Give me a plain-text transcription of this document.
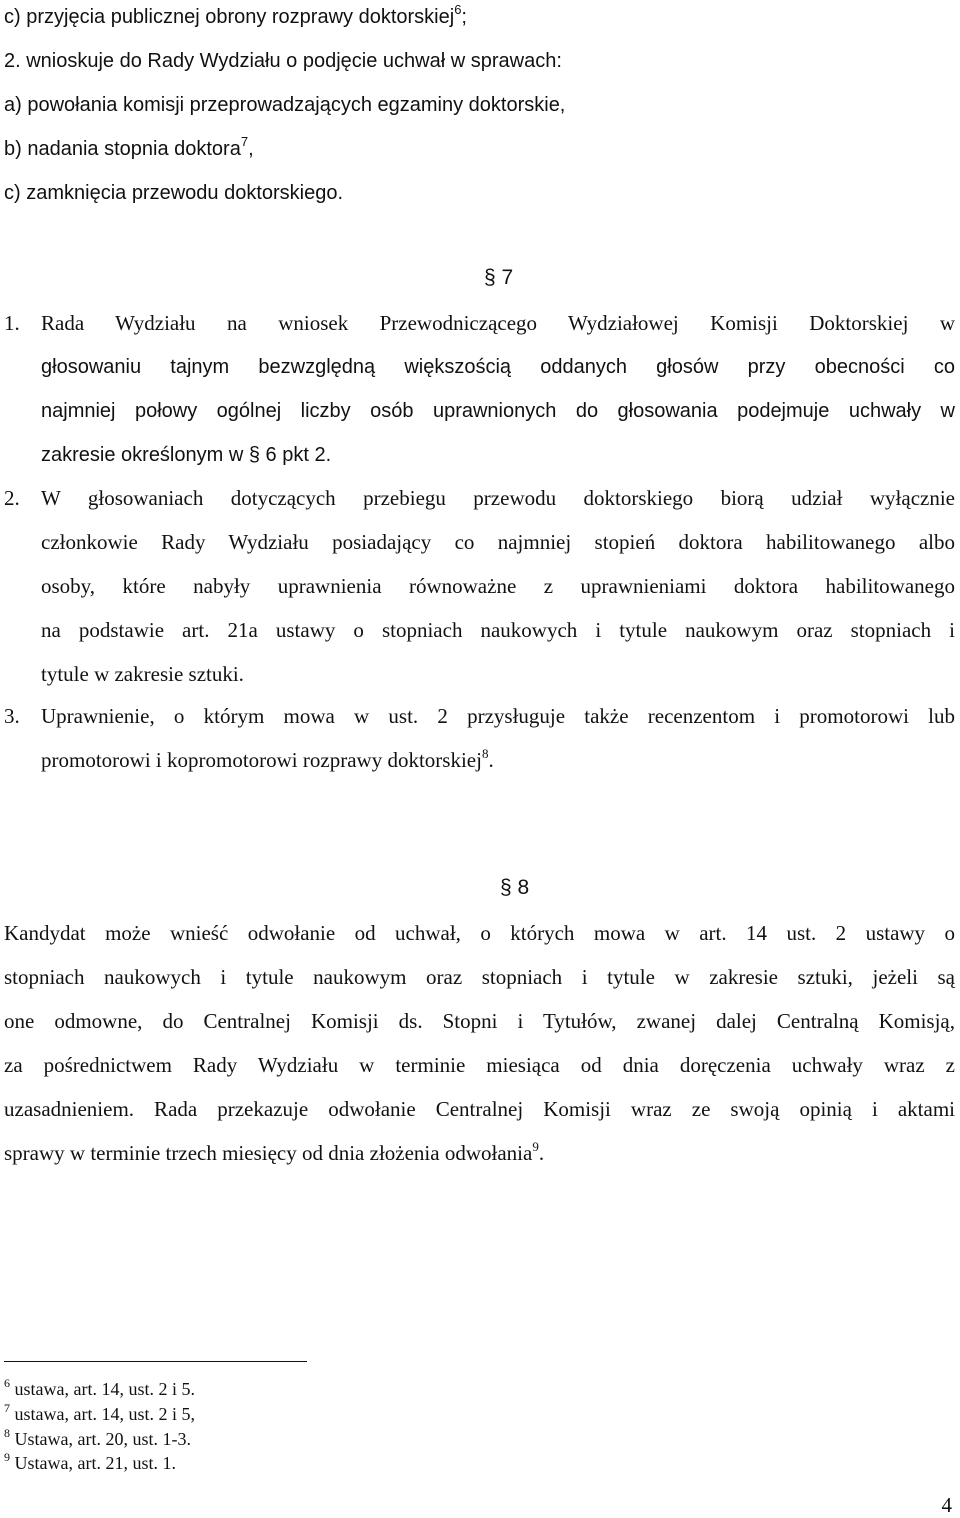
c) przyjęcia publicznej obrony rozprawy doktorskiej$^6$;
2. wnioskuje do Rady Wydziału o podjęcie uchwał w sprawach:
a) powołania komisji przeprowadzających egzaminy doktorskie,
b) nadania stopnia doktora$^7$,
c) zamknięcia przewodu doktorskiego.
§ 7
1. Rada Wydziału na wniosek Przewodniczącego Wydziałowej Komisji Doktorskiej w
głosowaniu tajnym bezwzględną większością oddanych głosów przy obecności co
najmniej połowy ogólnej liczby osób uprawnionych do głosowania podejmuje uchwały w
zakresie określonym w § 6 pkt 2.
2. W głosowaniach dotyczących przebiegu przewodu doktorskiego biorą udział wyłącznie
członkowie Rady Wydziału posiadający co najmniej stopień doktora habilitowanego albo
osoby, które nabyły uprawnienia równoważne z uprawnieniami doktora habilitowanego
na podstawie art. 21a ustawy o stopniach naukowych i tytule naukowym oraz stopniach i
tytule w zakresie sztuki.
3. Uprawnienie, o którym mowa w ust. 2 przysługuje także recenzentom i promotorowi lub
promotorowi i kopromotorowi rozprawy doktorskiej$^8$.
§ 8
Kandydat może wnieść odwołanie od uchwał, o których mowa w art. 14 ust. 2 ustawy o
stopniach naukowych i tytule naukowym oraz stopniach i tytule w zakresie sztuki, jeżeli są
one odmowne, do Centralnej Komisji ds. Stopni i Tytułów, zwanej dalej Centralną Komisją,
za pośrednictwem Rady Wydziału w terminie miesiąca od dnia doręczenia uchwały wraz z
uzasadnieniem. Rada przekazuje odwołanie Centralnej Komisji wraz ze swoją opinią i aktami
sprawy w terminie trzech miesięcy od dnia złożenia odwołania$^9$.
$^6$ ustawa, art. 14, ust. 2 i 5.
$^7$ ustawa, art. 14, ust. 2 i 5,
$^8$ Ustawa, art. 20, ust. 1-3.
$^9$ Ustawa, art. 21, ust. 1.
4
